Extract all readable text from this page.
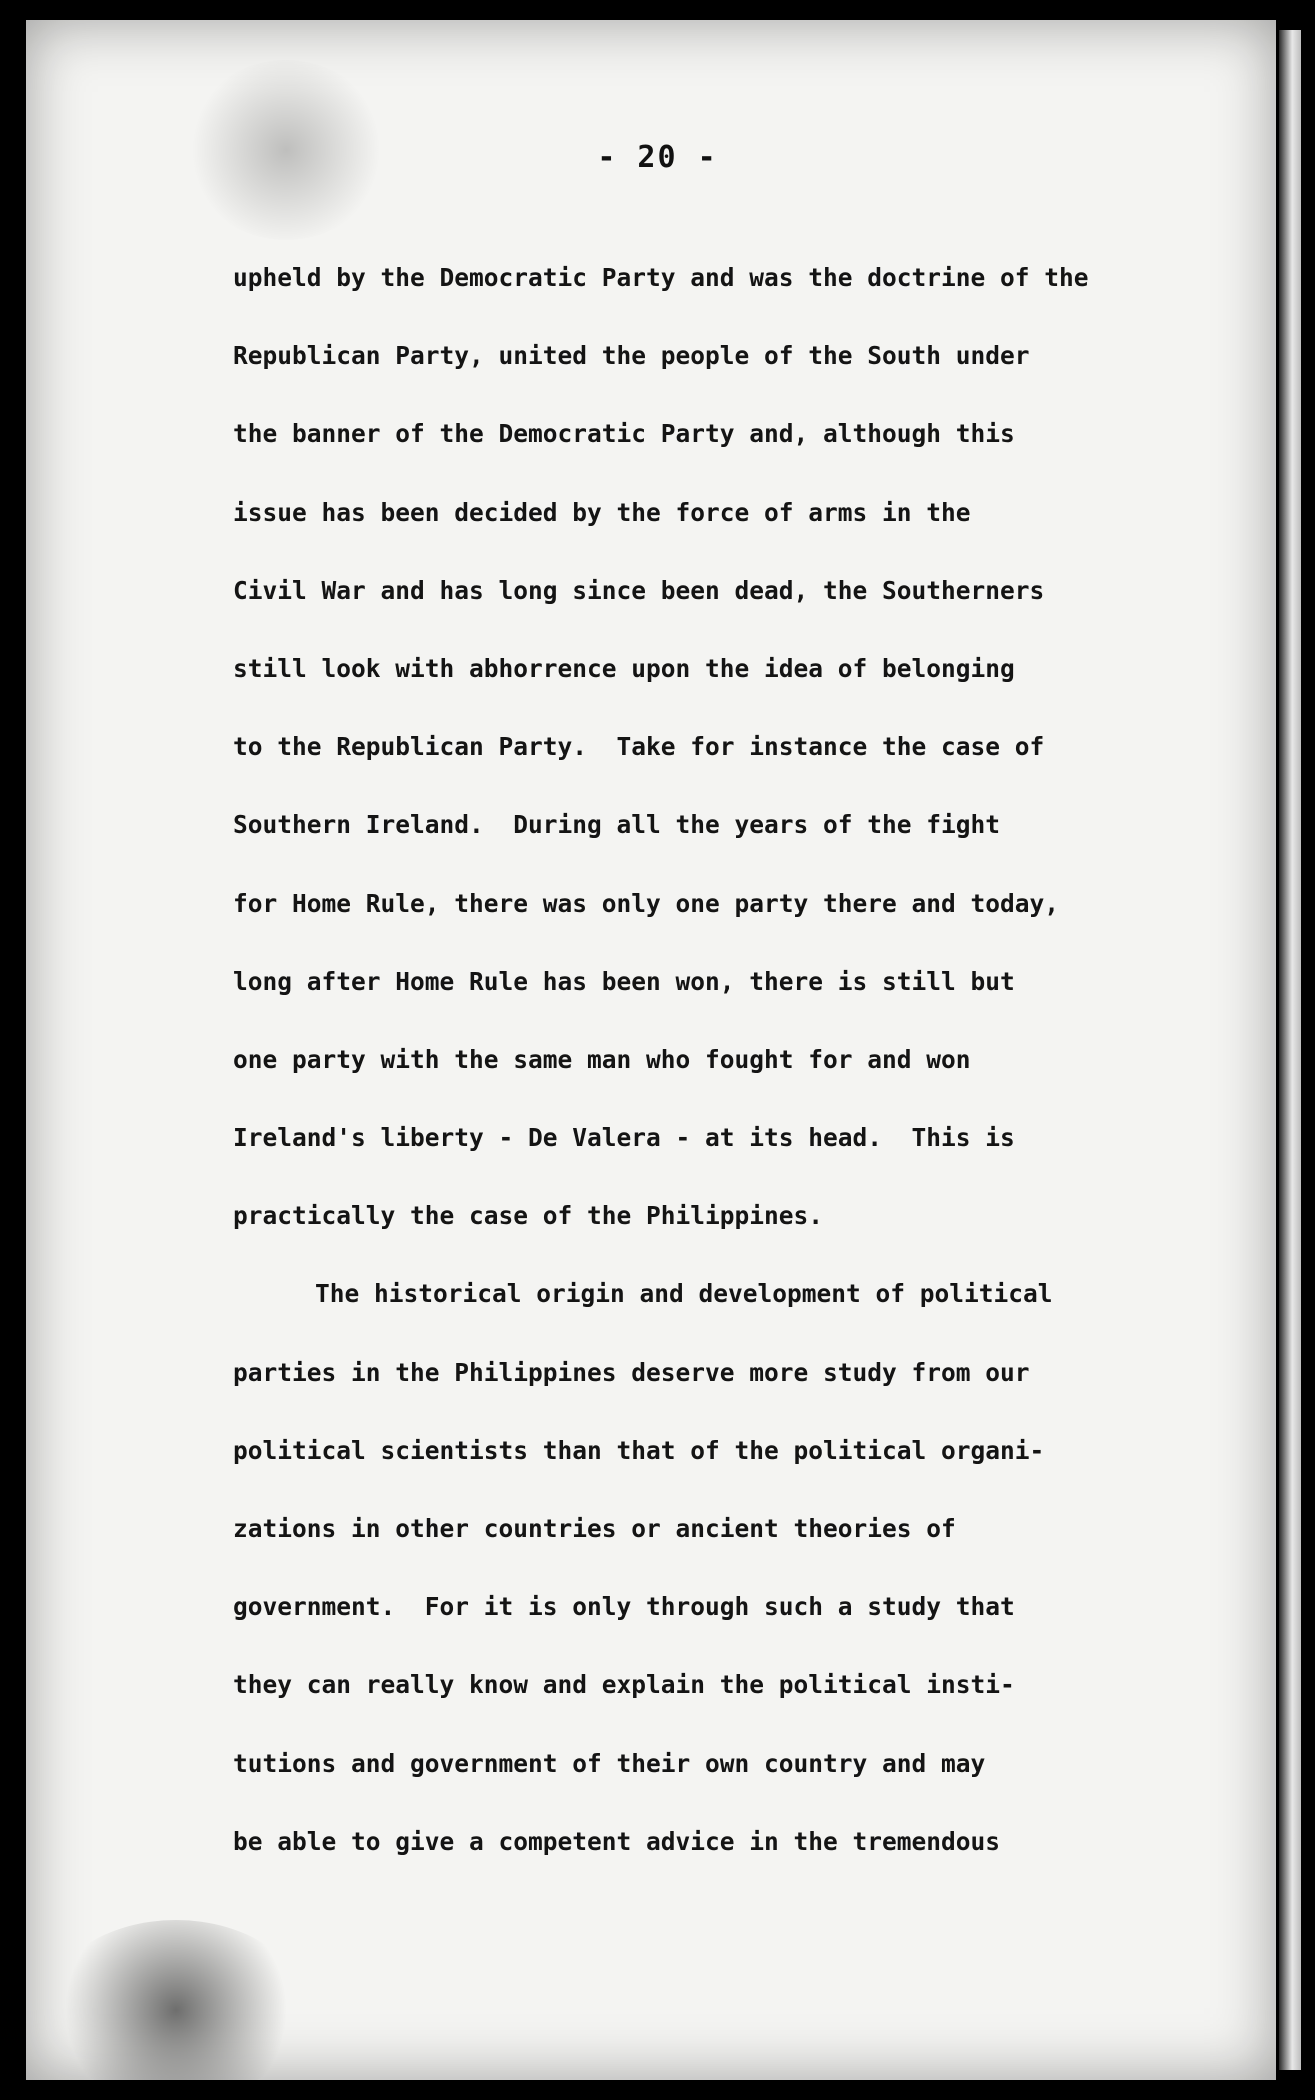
- 20 -
upheld by the Democratic Party and was the doctrine of the
Republican Party, united the people of the South under
the banner of the Democratic Party and, although this
issue has been decided by the force of arms in the
Civil War and has long since been dead, the Southerners
still look with abhorrence upon the idea of belonging
to the Republican Party.  Take for instance the case of
Southern Ireland.  During all the years of the fight
for Home Rule, there was only one party there and today,
long after Home Rule has been won, there is still but
one party with the same man who fought for and won
Ireland's liberty - De Valera - at its head.  This is
practically the case of the Philippines.
The historical origin and development of political
parties in the Philippines deserve more study from our
political scientists than that of the political organi-
zations in other countries or ancient theories of
government.  For it is only through such a study that
they can really know and explain the political insti-
tutions and government of their own country and may
be able to give a competent advice in the tremendous
